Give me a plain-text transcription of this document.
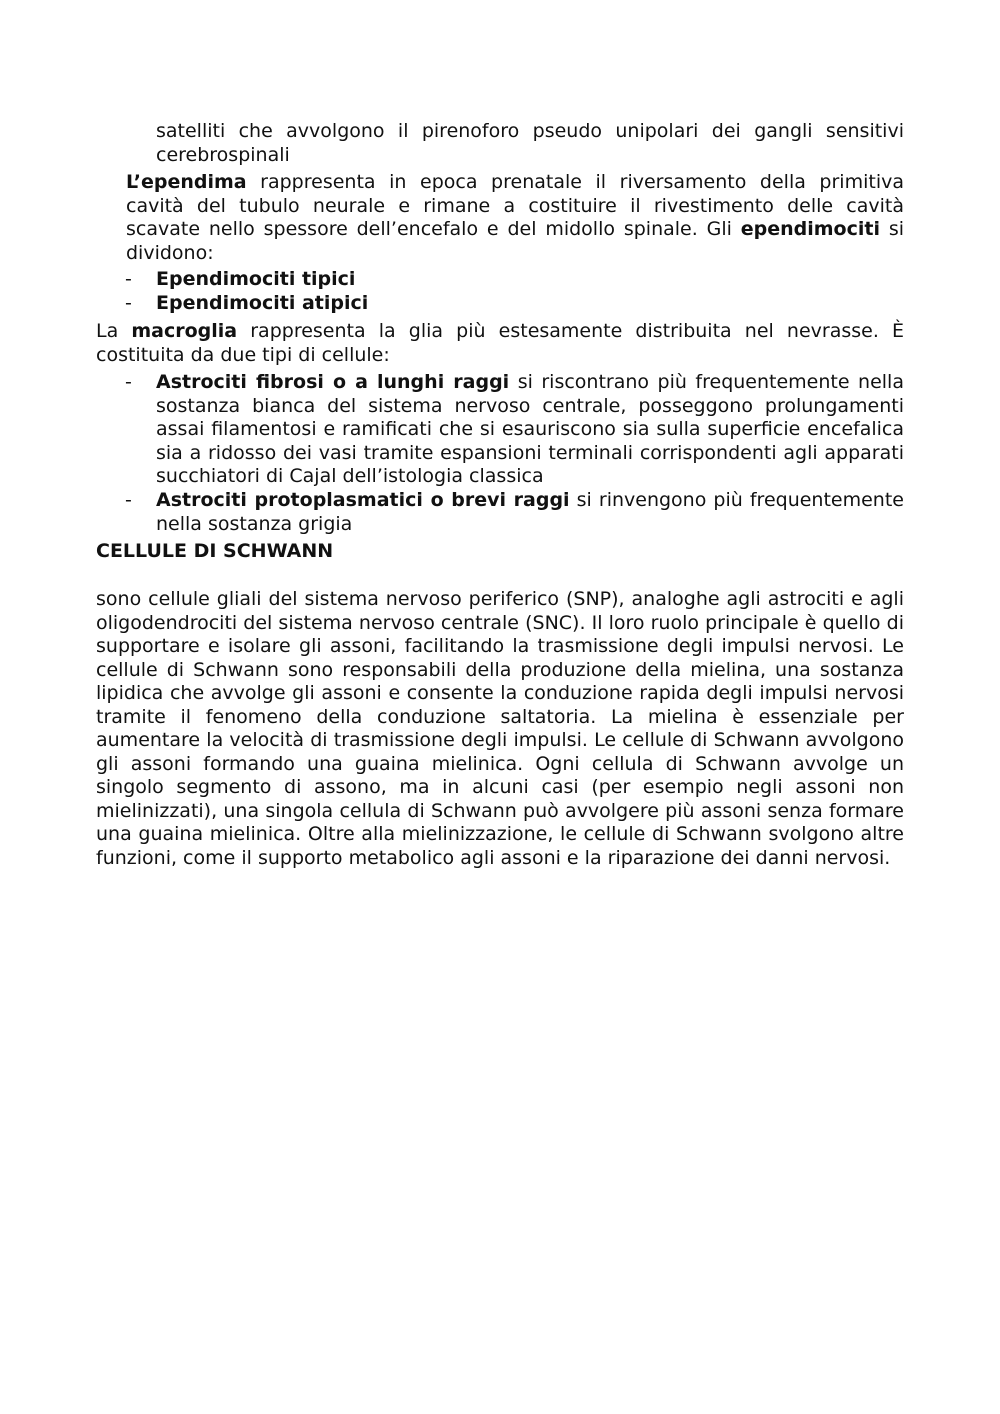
satelliti che avvolgono il pirenoforo pseudo unipolari dei gangli sensitivi cerebrospinali

L’ependima rappresenta in epoca prenatale il riversamento della primitiva cavità del tubulo neurale e rimane a costituire il rivestimento delle cavità scavate nello spessore dell’encefalo e del midollo spinale. Gli ependimociti si dividono:

- Ependimociti tipici
- Ependimociti atipici

La macroglia rappresenta la glia più estesamente distribuita nel nevrasse. È costituita da due tipi di cellule:

- Astrociti fibrosi o a lunghi raggi si riscontrano più frequentemente nella sostanza bianca del sistema nervoso centrale, posseggono prolungamenti assai filamentosi e ramificati che si esauriscono sia sulla superficie encefalica sia a ridosso dei vasi tramite espansioni terminali corrispondenti agli apparati succhiatori di Cajal dell’istologia classica
- Astrociti protoplasmatici o brevi raggi si rinvengono più frequentemente nella sostanza grigia
CELLULE DI SCHWANN

sono cellule gliali del sistema nervoso periferico (SNP), analoghe agli astrociti e agli oligodendrociti del sistema nervoso centrale (SNC). Il loro ruolo principale è quello di supportare e isolare gli assoni, facilitando la trasmissione degli impulsi nervosi. Le cellule di Schwann sono responsabili della produzione della mielina, una sostanza lipidica che avvolge gli assoni e consente la conduzione rapida degli impulsi nervosi tramite il fenomeno della conduzione saltatoria. La mielina è essenziale per aumentare la velocità di trasmissione degli impulsi. Le cellule di Schwann avvolgono gli assoni formando una guaina mielinica. Ogni cellula di Schwann avvolge un singolo segmento di assono, ma in alcuni casi (per esempio negli assoni non mielinizzati), una singola cellula di Schwann può avvolgere più assoni senza formare una guaina mielinica. Oltre alla mielinizzazione, le cellule di Schwann svolgono altre funzioni, come il supporto metabolico agli assoni e la riparazione dei danni nervosi.
